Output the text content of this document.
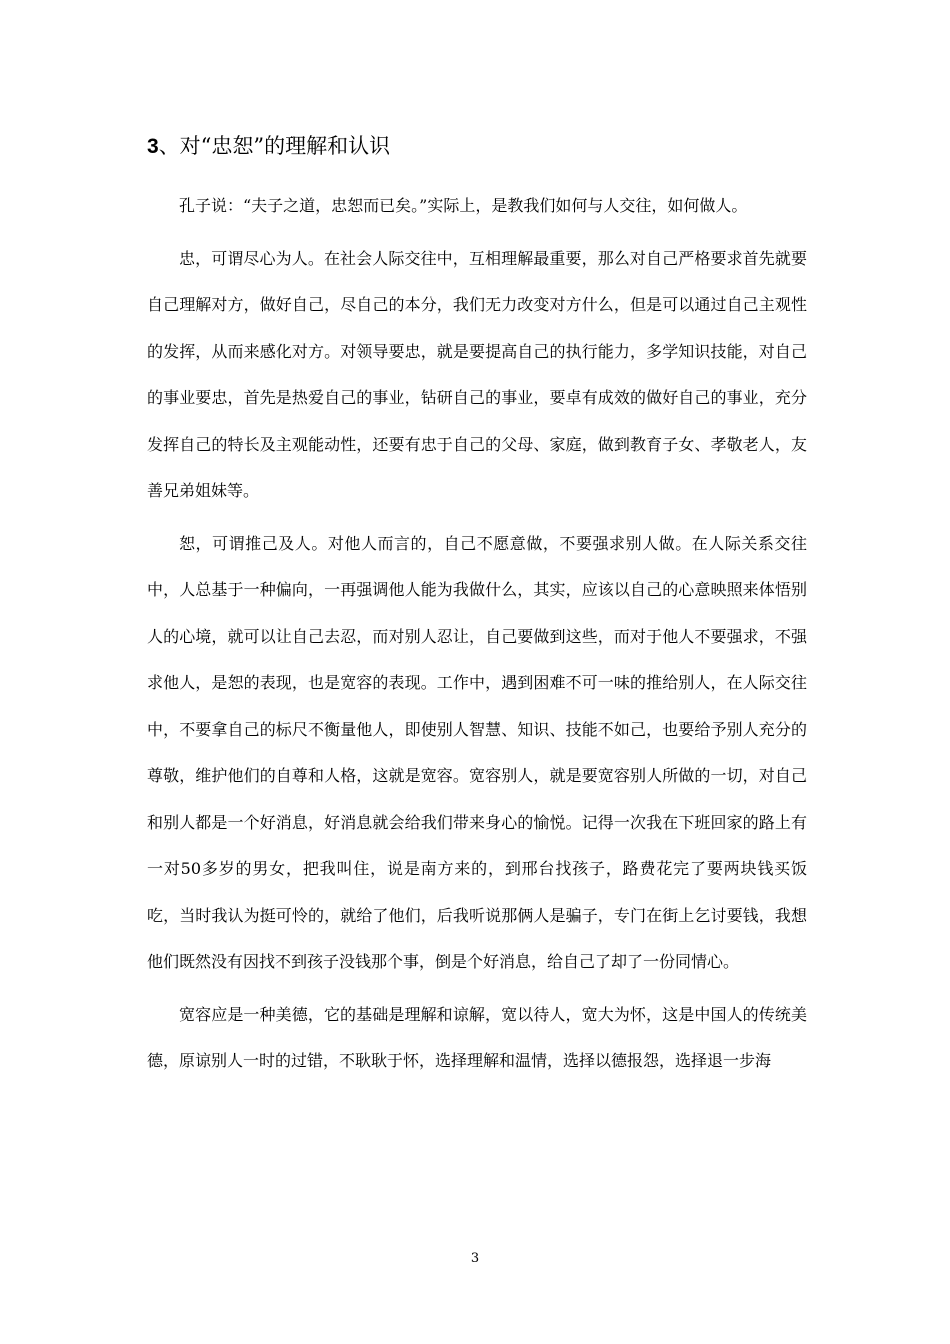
3、对“忠恕”的理解和认识

孔子说：“夫子之道，忠恕而已矣。”实际上，是教我们如何与人交往，如何做人。

忠，可谓尽心为人。在社会人际交往中，互相理解最重要，那么对自己严格要求首先就要自己理解对方，做好自己，尽自己的本分，我们无力改变对方什么，但是可以通过自己主观性的发挥，从而来感化对方。对领导要忠，就是要提高自己的执行能力，多学知识技能，对自己的事业要忠，首先是热爱自己的事业，钻研自己的事业，要卓有成效的做好自己的事业，充分发挥自己的特长及主观能动性，还要有忠于自己的父母、家庭，做到教育子女、孝敬老人，友善兄弟姐妹等。

恕，可谓推己及人。对他人而言的，自己不愿意做，不要强求别人做。在人际关系交往中，人总基于一种偏向，一再强调他人能为我做什么，其实，应该以自己的心意映照来体悟别人的心境，就可以让自己去忍，而对别人忍让，自己要做到这些，而对于他人不要强求，不强求他人，是恕的表现，也是宽容的表现。工作中，遇到困难不可一味的推给别人，在人际交往中，不要拿自己的标尺不衡量他人，即使别人智慧、知识、技能不如己，也要给予别人充分的尊敬，维护他们的自尊和人格，这就是宽容。宽容别人，就是要宽容别人所做的一切，对自己和别人都是一个好消息，好消息就会给我们带来身心的愉悦。记得一次我在下班回家的路上有一对50多岁的男女，把我叫住，说是南方来的，到邢台找孩子，路费花完了要两块钱买饭吃，当时我认为挺可怜的，就给了他们，后我听说那俩人是骗子，专门在街上乞讨要钱，我想他们既然没有因找不到孩子没钱那个事，倒是个好消息，给自己了却了一份同情心。

宽容应是一种美德，它的基础是理解和谅解，宽以待人，宽大为怀，这是中国人的传统美德，原谅别人一时的过错，不耿耿于怀，选择理解和温情，选择以德报怨，选择退一步海

3
